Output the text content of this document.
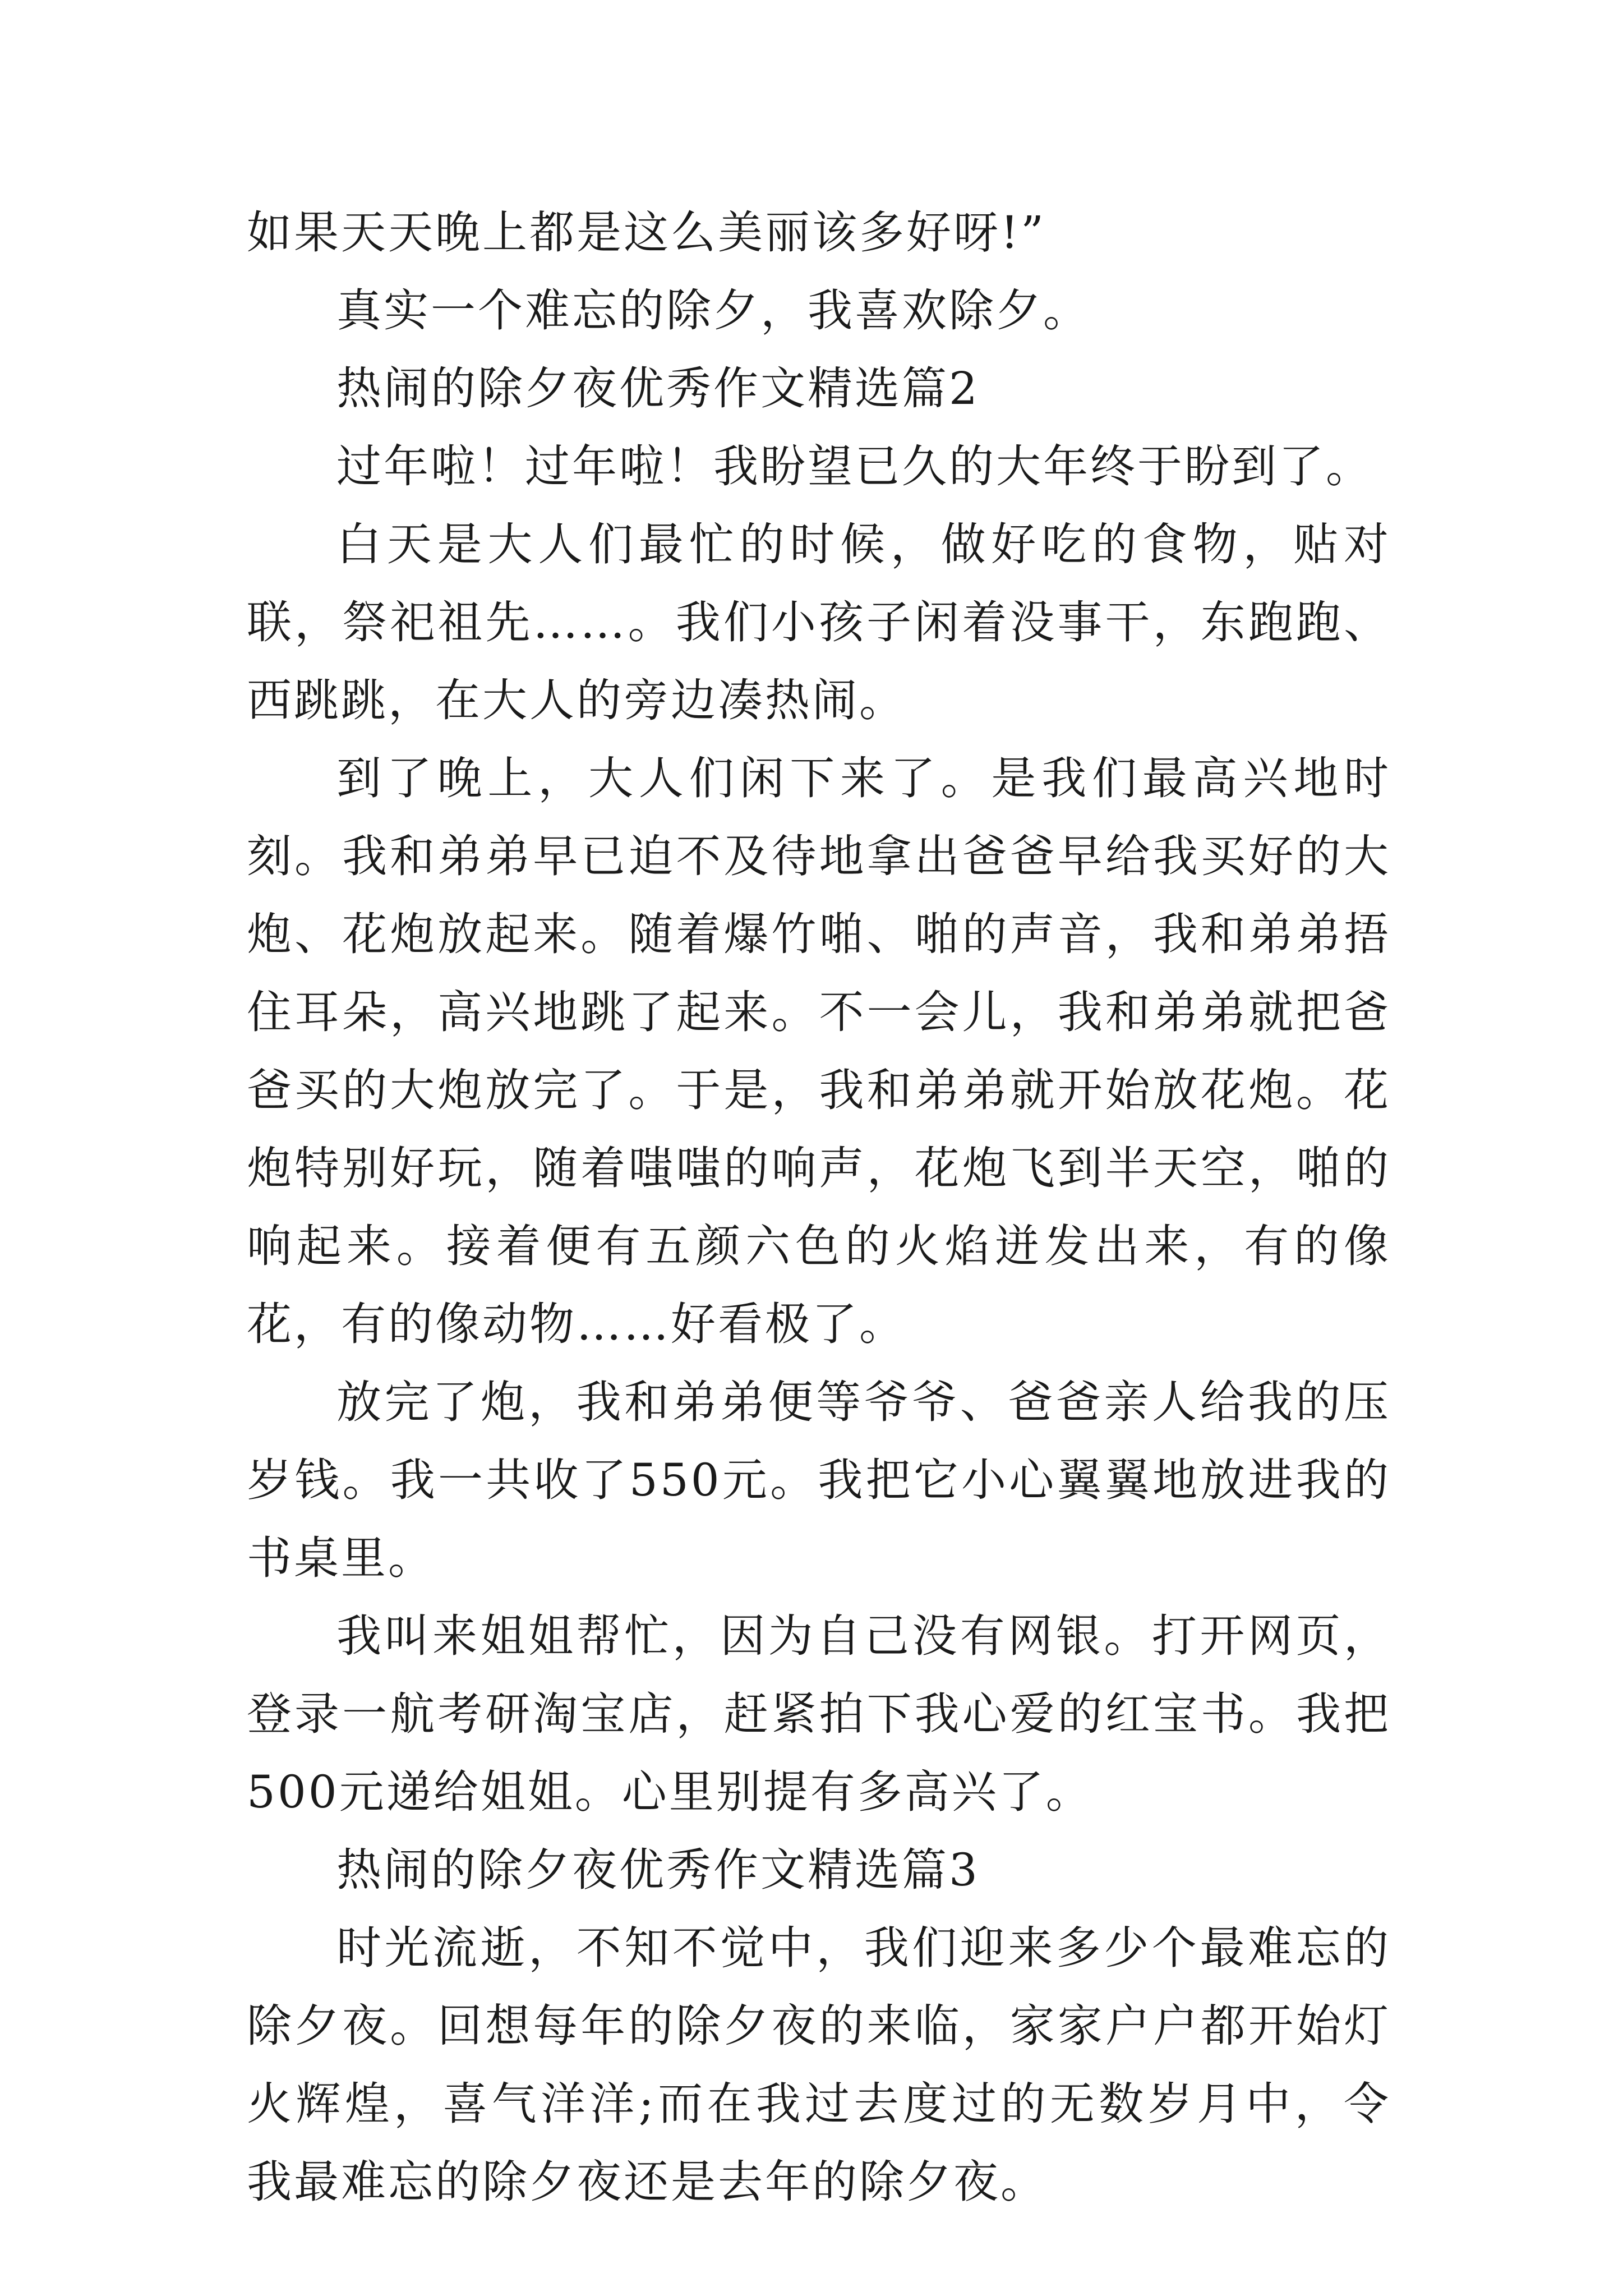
如果天天晚上都是这么美丽该多好呀!”

真实一个难忘的除夕，我喜欢除夕。

热闹的除夕夜优秀作文精选篇2

过年啦！过年啦！我盼望已久的大年终于盼到了。

白天是大人们最忙的时候，做好吃的食物，贴对联，祭祀祖先……。我们小孩子闲着没事干，东跑跑、西跳跳，在大人的旁边凑热闹。

到了晚上，大人们闲下来了。是我们最高兴地时刻。我和弟弟早已迫不及待地拿出爸爸早给我买好的大炮、花炮放起来。随着爆竹啪、啪的声音，我和弟弟捂住耳朵，高兴地跳了起来。不一会儿，我和弟弟就把爸爸买的大炮放完了。于是，我和弟弟就开始放花炮。花炮特别好玩，随着嗤嗤的响声，花炮飞到半天空，啪的响起来。接着便有五颜六色的火焰迸发出来，有的像花，有的像动物……好看极了。

放完了炮，我和弟弟便等爷爷、爸爸亲人给我的压岁钱。我一共收了550元。我把它小心翼翼地放进我的书桌里。

我叫来姐姐帮忙，因为自己没有网银。打开网页，登录一航考研淘宝店，赶紧拍下我心爱的红宝书。我把500元递给姐姐。心里别提有多高兴了。

热闹的除夕夜优秀作文精选篇3

时光流逝，不知不觉中，我们迎来多少个最难忘的除夕夜。回想每年的除夕夜的来临，家家户户都开始灯火辉煌，喜气洋洋;而在我过去度过的无数岁月中，令我最难忘的除夕夜还是去年的除夕夜。
